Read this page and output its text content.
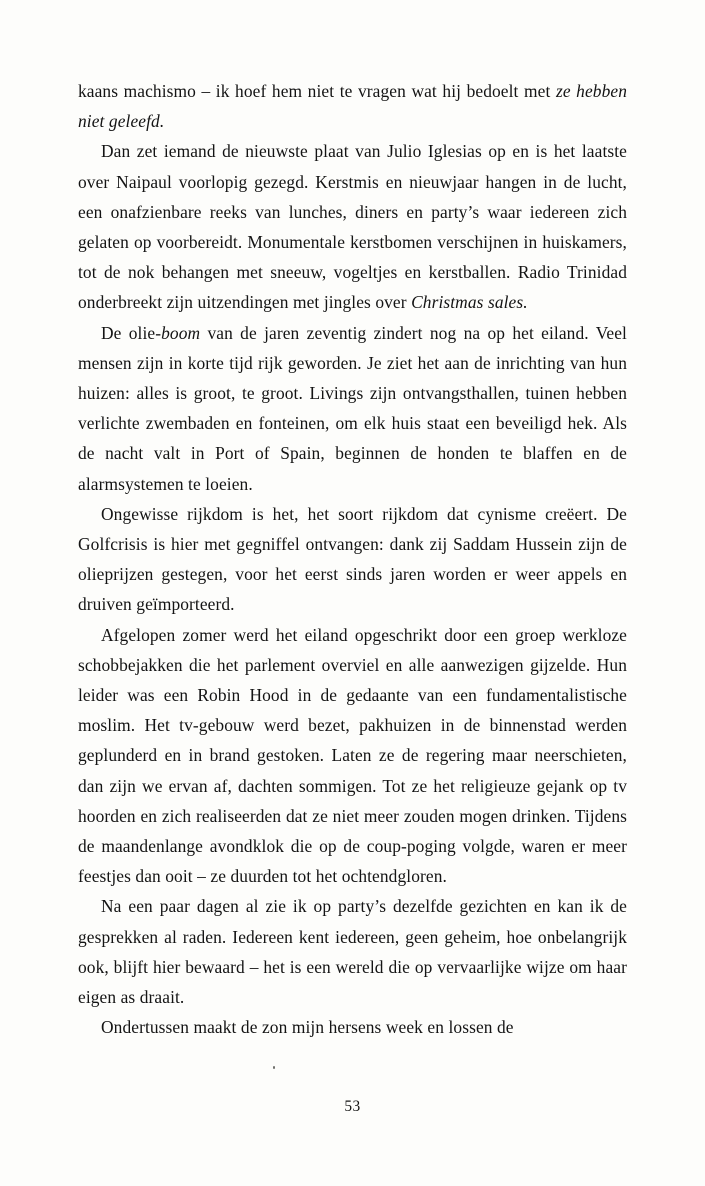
kaans machismo – ik hoef hem niet te vragen wat hij bedoelt met ze hebben niet geleefd.

Dan zet iemand de nieuwste plaat van Julio Iglesias op en is het laatste over Naipaul voorlopig gezegd. Kerstmis en nieuwjaar hangen in de lucht, een onafzienbare reeks van lunches, diners en party’s waar iedereen zich gelaten op voorbereidt. Monumentale kerstbomen verschijnen in huiskamers, tot de nok behangen met sneeuw, vogeltjes en kerstballen. Radio Trinidad onderbreekt zijn uitzendingen met jingles over Christmas sales.

De olie-boom van de jaren zeventig zindert nog na op het eiland. Veel mensen zijn in korte tijd rijk geworden. Je ziet het aan de inrichting van hun huizen: alles is groot, te groot. Livings zijn ontvangsthallen, tuinen hebben verlichte zwembaden en fonteinen, om elk huis staat een beveiligd hek. Als de nacht valt in Port of Spain, beginnen de honden te blaffen en de alarmsystemen te loeien.

Ongewisse rijkdom is het, het soort rijkdom dat cynisme creëert. De Golfcrisis is hier met gegniffel ontvangen: dank zij Saddam Hussein zijn de olieprijzen gestegen, voor het eerst sinds jaren worden er weer appels en druiven geïmporteerd.

Afgelopen zomer werd het eiland opgeschrikt door een groep werkloze schobbejakken die het parlement overviel en alle aanwezigen gijzelde. Hun leider was een Robin Hood in de gedaante van een fundamentalistische moslim. Het tv-gebouw werd bezet, pakhuizen in de binnenstad werden geplunderd en in brand gestoken. Laten ze de regering maar neerschieten, dan zijn we ervan af, dachten sommigen. Tot ze het religieuze gejank op tv hoorden en zich realiseerden dat ze niet meer zouden mogen drinken. Tijdens de maandenlange avondklok die op de coup-poging volgde, waren er meer feestjes dan ooit – ze duurden tot het ochtendgloren.

Na een paar dagen al zie ik op party’s dezelfde gezichten en kan ik de gesprekken al raden. Iedereen kent iedereen, geen geheim, hoe onbelangrijk ook, blijft hier bewaard – het is een wereld die op vervaarlijke wijze om haar eigen as draait.

Ondertussen maakt de zon mijn hersens week en lossen de

53
